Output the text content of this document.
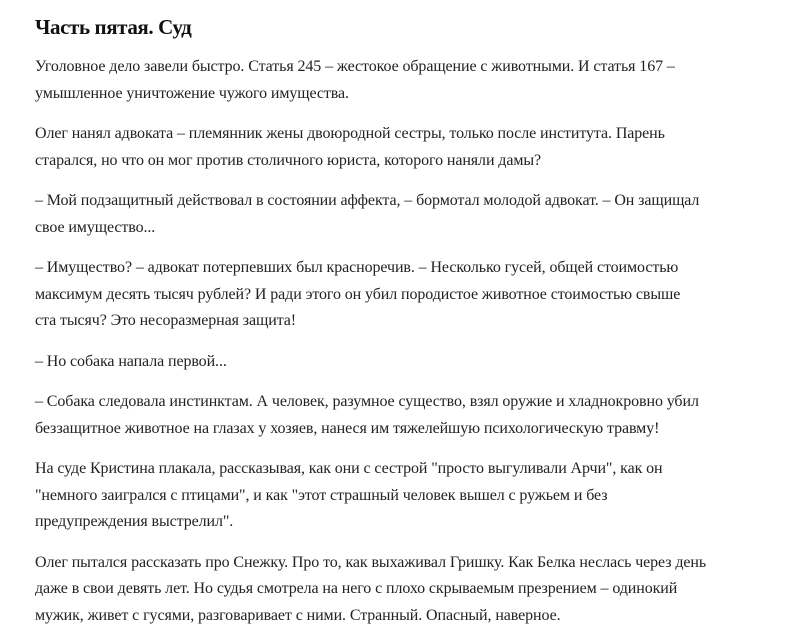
Часть пятая. Суд

Уголовное дело завели быстро. Статья 245 – жестокое обращение с животными. И статья 167 – умышленное уничтожение чужого имущества.

Олег нанял адвоката – племянник жены двоюродной сестры, только после института. Парень старался, но что он мог против столичного юриста, которого наняли дамы?

– Мой подзащитный действовал в состоянии аффекта, – бормотал молодой адвокат. – Он защищал свое имущество...

– Имущество? – адвокат потерпевших был красноречив. – Несколько гусей, общей стоимостью максимум десять тысяч рублей? И ради этого он убил породистое животное стоимостью свыше ста тысяч? Это несоразмерная защита!

– Но собака напала первой...

– Собака следовала инстинктам. А человек, разумное существо, взял оружие и хладнокровно убил беззащитное животное на глазах у хозяев, нанеся им тяжелейшую психологическую травму!

На суде Кристина плакала, рассказывая, как они с сестрой "просто выгуливали Арчи", как он "немного заигрался с птицами", и как "этот страшный человек вышел с ружьем и без предупреждения выстрелил".

Олег пытался рассказать про Снежку. Про то, как выхаживал Гришку. Как Белка неслась через день даже в свои девять лет. Но судья смотрела на него с плохо скрываемым презрением – одинокий мужик, живет с гусями, разговаривает с ними. Странный. Опасный, наверное.
